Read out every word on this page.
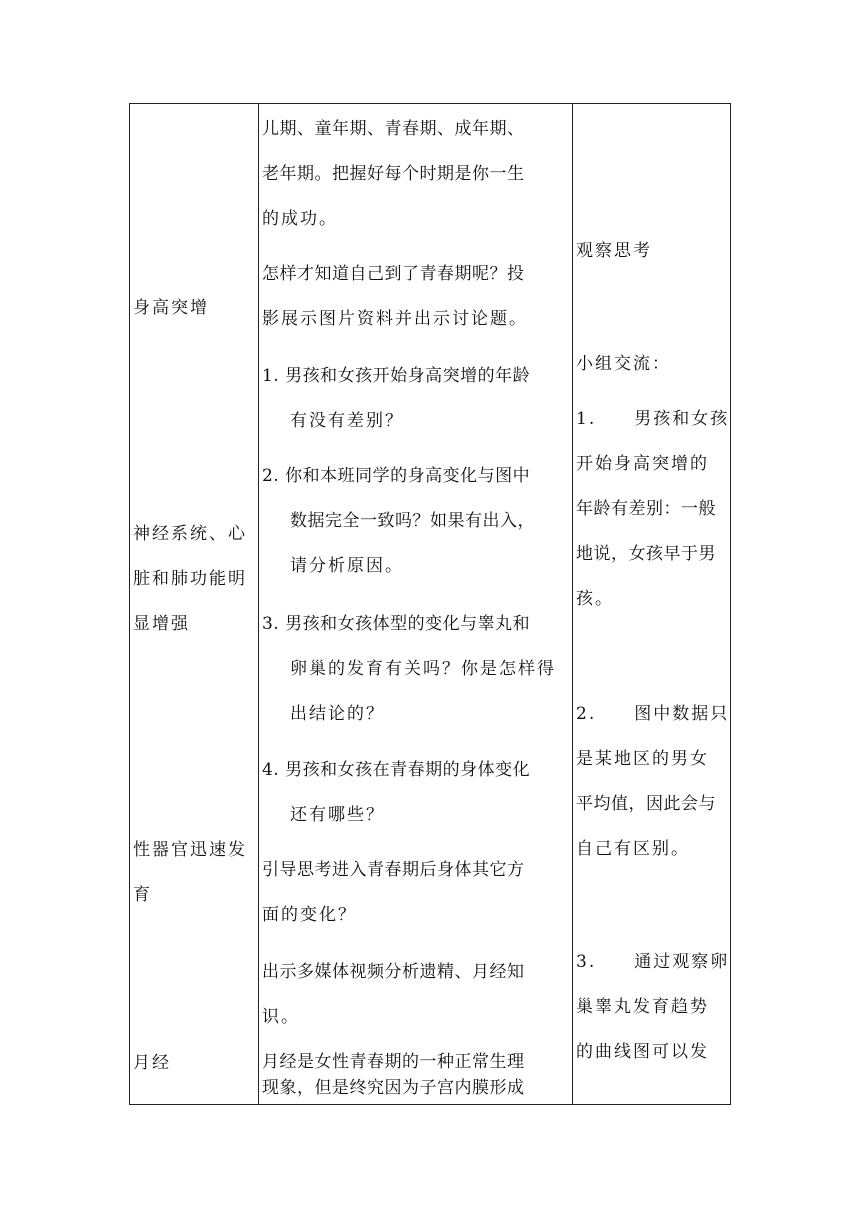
身高突增
神经系统、心
脏和肺功能明
显增强
性器官迅速发
育
月经
儿期、童年期、青春期、成年期、
老年期。把握好每个时期是你一生
的成功。
怎样才知道自己到了青春期呢？投
影展示图片资料并出示讨论题。
1. 男孩和女孩开始身高突增的年龄
有没有差别？
2. 你和本班同学的身高变化与图中
数据完全一致吗？如果有出入，
请分析原因。
3. 男孩和女孩体型的变化与睾丸和
卵巢的发育有关吗？你是怎样得
出结论的？
4. 男孩和女孩在青春期的身体变化
还有哪些？
引导思考进入青春期后身体其它方
面的变化？
出示多媒体视频分析遗精、月经知
识。
月经是女性青春期的一种正常生理
现象，但是终究因为子宫内膜形成
观察思考
小组交流：
1.　　男孩和女孩
开始身高突增的
年龄有差别：一般
地说，女孩早于男
孩。
2.　　图中数据只
是某地区的男女
平均值，因此会与
自己有区别。
3.　　通过观察卵
巢睾丸发育趋势
的曲线图可以发
